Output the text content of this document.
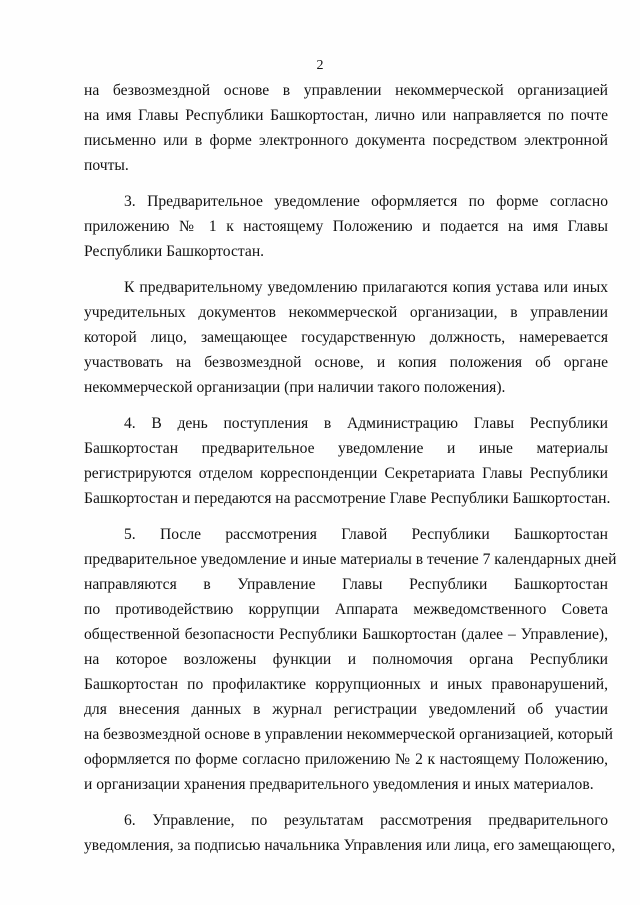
2

на безвозмездной основе в управлении некоммерческой организацией
на имя Главы Республики Башкортостан, лично или направляется по почте
письменно или в форме электронного документа посредством электронной
почты.

3. Предварительное уведомление оформляется по форме согласно
приложению № 1 к настоящему Положению и подается на имя Главы
Республики Башкортостан.

К предварительному уведомлению прилагаются копия устава или иных
учредительных документов некоммерческой организации, в управлении
которой лицо, замещающее государственную должность, намеревается
участвовать на безвозмездной основе, и копия положения об органе
некоммерческой организации (при наличии такого положения).

4. В день поступления в Администрацию Главы Республики
Башкортостан предварительное уведомление и иные материалы
регистрируются отделом корреспонденции Секретариата Главы Республики
Башкортостан и передаются на рассмотрение Главе Республики Башкортостан.

5. После рассмотрения Главой Республики Башкортостан
предварительное уведомление и иные материалы в течение 7 календарных дней
направляются в Управление Главы Республики Башкортостан
по противодействию коррупции Аппарата межведомственного Совета
общественной безопасности Республики Башкортостан (далее – Управление),
на которое возложены функции и полномочия органа Республики
Башкортостан по профилактике коррупционных и иных правонарушений,
для внесения данных в журнал регистрации уведомлений об участии
на безвозмездной основе в управлении некоммерческой организацией, который
оформляется по форме согласно приложению № 2 к настоящему Положению,
и организации хранения предварительного уведомления и иных материалов.

6. Управление, по результатам рассмотрения предварительного
уведомления, за подписью начальника Управления или лица, его замещающего,
